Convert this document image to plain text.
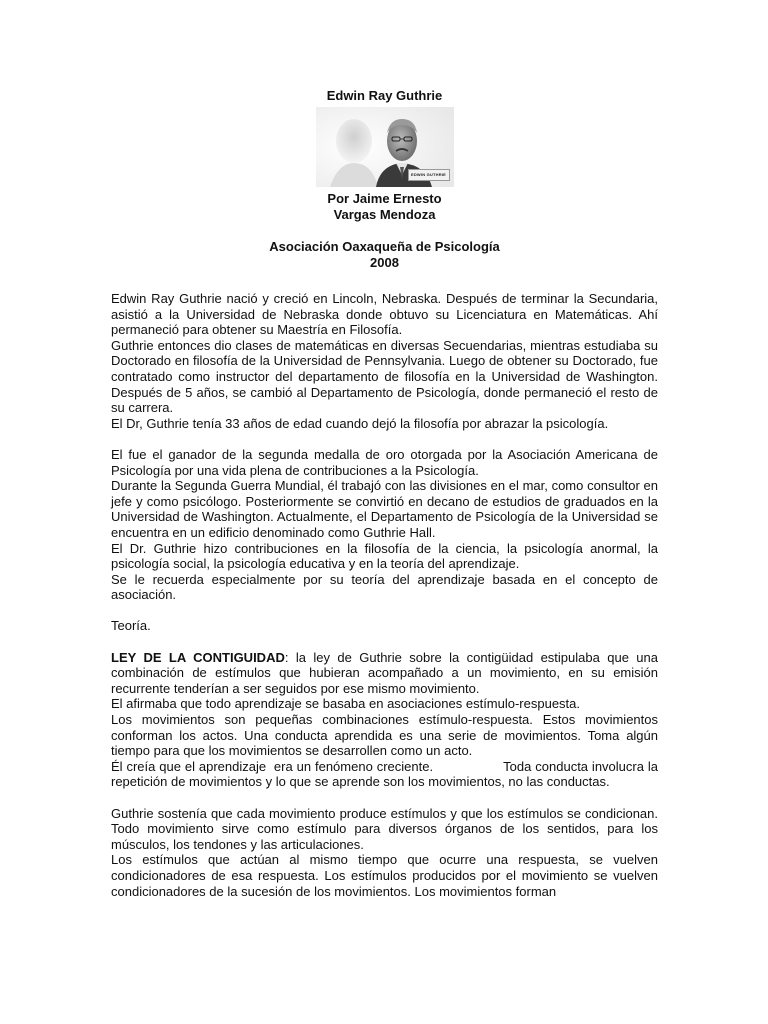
Edwin Ray Guthrie
EDWIN GUTHRIE
Por Jaime Ernesto
Vargas Mendoza
Asociación Oaxaqueña de Psicología
2008

Edwin Ray Guthrie nació y creció en Lincoln, Nebraska. Después de terminar la Secundaria, asistió a la Universidad de Nebraska donde obtuvo su Licenciatura en Matemáticas. Ahí permaneció para obtener su Maestría en Filosofía.

Guthrie entonces dio clases de matemáticas en diversas Secuendarias, mientras estudiaba su Doctorado en filosofía de la Universidad de Pennsylvania. Luego de obtener su Doctorado, fue contratado como instructor del departamento de filosofía en la Universidad de Washington. Después de 5 años, se cambió al Departamento de Psicología, donde permaneció el resto de su carrera.

El Dr, Guthrie tenía 33 años de edad cuando dejó la filosofía por abrazar la psicología.

El fue el ganador de la segunda medalla de oro otorgada por la Asociación Americana de Psicología por una vida plena de contribuciones a la Psicología.

Durante la Segunda Guerra Mundial, él trabajó con las divisiones en el mar, como consultor en jefe y como psicólogo. Posteriormente se convirtió en decano de estudios de graduados en la Universidad de Washington. Actualmente, el Departamento de Psicología de la Universidad se encuentra en un edificio denominado como Guthrie Hall.

El Dr. Guthrie hizo contribuciones en la filosofía de la ciencia, la psicología anormal, la psicología social, la psicología educativa y en la teoría del aprendizaje.

Se le recuerda especialmente por su teoría del aprendizaje basada en el concepto de asociación.

Teoría.

LEY DE LA CONTIGUIDAD: la ley de Guthrie sobre la contigüidad estipulaba que una combinación de estímulos que hubieran acompañado a un movimiento, en su emisión recurrente tenderían a ser seguidos por ese mismo movimiento.

El afirmaba que todo aprendizaje se basaba en asociaciones estímulo-respuesta.

Los movimientos son pequeñas combinaciones estímulo-respuesta. Estos movimientos conforman los actos. Una conducta aprendida es una serie de movimientos. Toma algún tiempo para que los movimientos se desarrollen como un acto.

Él creía que el aprendizaje  era un fenómeno creciente.                  Toda conducta involucra la repetición de movimientos y lo que se aprende son los movimientos, no las conductas.

Guthrie sostenía que cada movimiento produce estímulos y que los estímulos se condicionan. Todo movimiento sirve como estímulo para diversos órganos de los sentidos, para los músculos, los tendones y las articulaciones.

Los estímulos que actúan al mismo tiempo que ocurre una respuesta, se vuelven condicionadores de esa respuesta. Los estímulos producidos por el movimiento se vuelven condicionadores de la sucesión de los movimientos. Los movimientos forman
